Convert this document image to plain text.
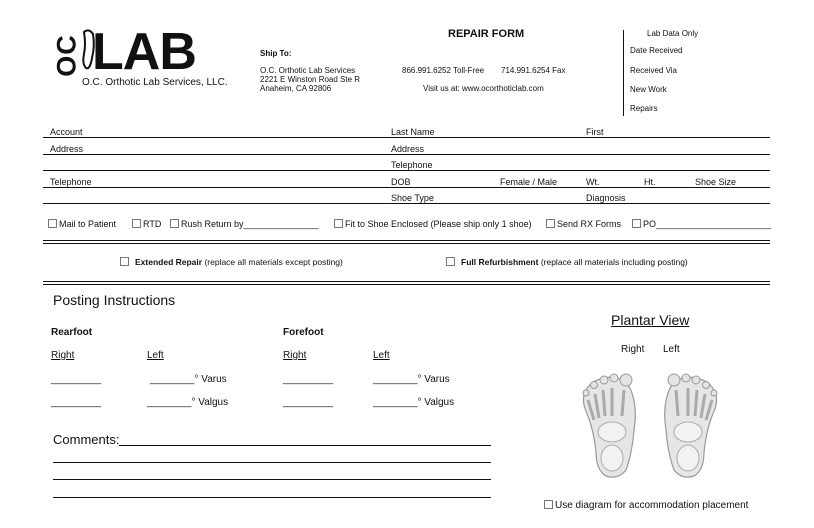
OC LAB
O.C. Orthotic Lab Services, LLC.
Ship To:
O.C. Orthotic Lab Services
2221 E Winston Road Ste R
Anaheim, CA 92806
REPAIR FORM
866.991.6252 Toll-Free 714.991.6254 Fax
Visit us at: www.ocorthoticlab.com
Lab Data Only
Date Received
Received Via
New Work
Repairs
Account	Last Name	First
Address	Address
Telephone
Telephone	DOB	Female / Male	Wt.	Ht.	Shoe Size
Shoe Type	Diagnosis
Mail to Patient	RTD	Rush Return by_______________	Fit to Shoe Enclosed (Please ship only 1 shoe)	Send RX Forms	PO_______________________
Extended Repair (replace all materials except posting)	Full Refurbishment (replace all materials including posting)
Posting Instructions
Rearfoot	Forefoot
Right	Left	Right	Left
_________	________° Varus	_________	________° Varus
_________	________° Valgus	_________	________° Valgus
Comments:
Plantar View
Right Left
Use diagram for accommodation placement
